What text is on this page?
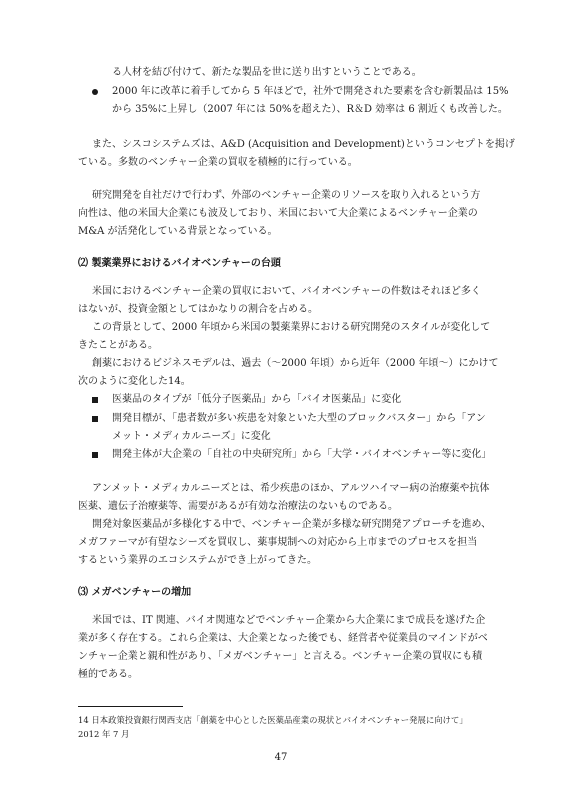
る人材を結び付けて、新たな製品を世に送り出すということである。
2000 年に改革に着手してから 5 年ほどで，社外で開発された要素を含む新製品は 15%
から 35%に上昇し（2007 年には 50%を超えた）、R＆D 効率は 6 割近くも改善した。
また、シスコシステムズは、A&D (Acquisition and Development)というコンセプトを掲げ
ている。多数のベンチャー企業の買収を積極的に行っている。
研究開発を自社だけで行わず、外部のベンチャー企業のリソースを取り入れるという方
向性は、他の米国大企業にも波及しており、米国において大企業によるベンチャー企業の
M&A が活発化している背景となっている。
⑵ 製薬業界におけるバイオベンチャーの台頭
米国におけるベンチャー企業の買収において、バイオベンチャーの件数はそれほど多く
はないが、投資金額としてはかなりの割合を占める。
この背景として、2000 年頃から米国の製薬業界における研究開発のスタイルが変化して
きたことがある。
創薬におけるビジネスモデルは、過去（〜2000 年頃）から近年（2000 年頃〜）にかけて
次のように変化した14。
医薬品のタイプが「低分子医薬品」から「バイオ医薬品」に変化
開発目標が、「患者数が多い疾患を対象といた大型のブロックバスター」から「アン
メット・メディカルニーズ」に変化
開発主体が大企業の「自社の中央研究所」から「大学・バイオベンチャー等に変化」
アンメット・メディカルニーズとは、希少疾患のほか、アルツハイマー病の治療薬や抗体
医薬、遺伝子治療薬等、需要があるが有効な治療法のないものである。
開発対象医薬品が多様化する中で、ベンチャー企業が多様な研究開発アプローチを進め、
メガファーマが有望なシーズを買収し、薬事規制への対応から上市までのプロセスを担当
するという業界のエコシステムができ上がってきた。
⑶ メガベンチャーの増加
米国では、IT 関連、バイオ関連などでベンチャー企業から大企業にまで成長を遂げた企
業が多く存在する。これら企業は、大企業となった後でも、経営者や従業員のマインドがベ
ンチャー企業と親和性があり、「メガベンチャー」と言える。ベンチャー企業の買収にも積
極的である。
14 日本政策投資銀行関西支店「創薬を中心とした医薬品産業の現状とバイオベンチャー発展に向けて」
2012 年 7 月
47
